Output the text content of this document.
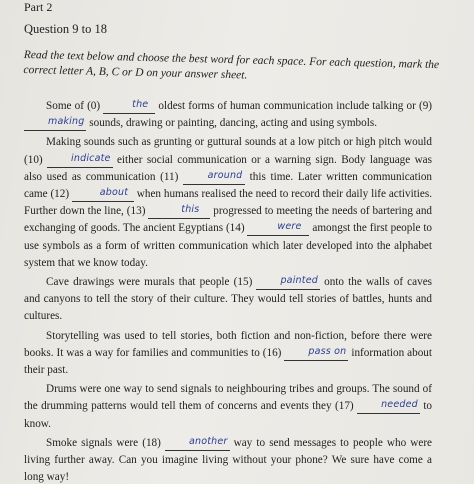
Part 2
Question 9 to 18
Read the text below and choose the best word for each space. For each question, mark the correct letter A, B, C or D on your answer sheet.

Some of (0)	the oldest forms of human communication include talking or (9) making sounds, drawing or painting, dancing, acting and using symbols.

Making sounds such as grunting or guttural sounds at a low pitch or high pitch would (10)	indicate either social communication or a warning sign. Body language was also used as communication (11)	around this time. Later written communication came (12)	about when humans realised the need to record their daily life activities. Further down the line, (13)	this progressed to meeting the needs of bartering and exchanging of goods. The ancient Egyptians (14)	were amongst the first people to use symbols as a form of written communication which later developed into the alphabet system that we know today.

Cave drawings were murals that people (15)	painted onto the walls of caves and canyons to tell the story of their culture. They would tell stories of battles, hunts and cultures.

Storytelling was used to tell stories, both fiction and non-fiction, before there were books. It was a way for families and communities to (16)	pass on information about their past.

Drums were one way to send signals to neighbouring tribes and groups. The sound of the drumming patterns would tell them of concerns and events they (17)	needed to know.

Smoke signals were (18)	another way to send messages to people who were living further away. Can you imagine living without your phone? We sure have come a long way!
